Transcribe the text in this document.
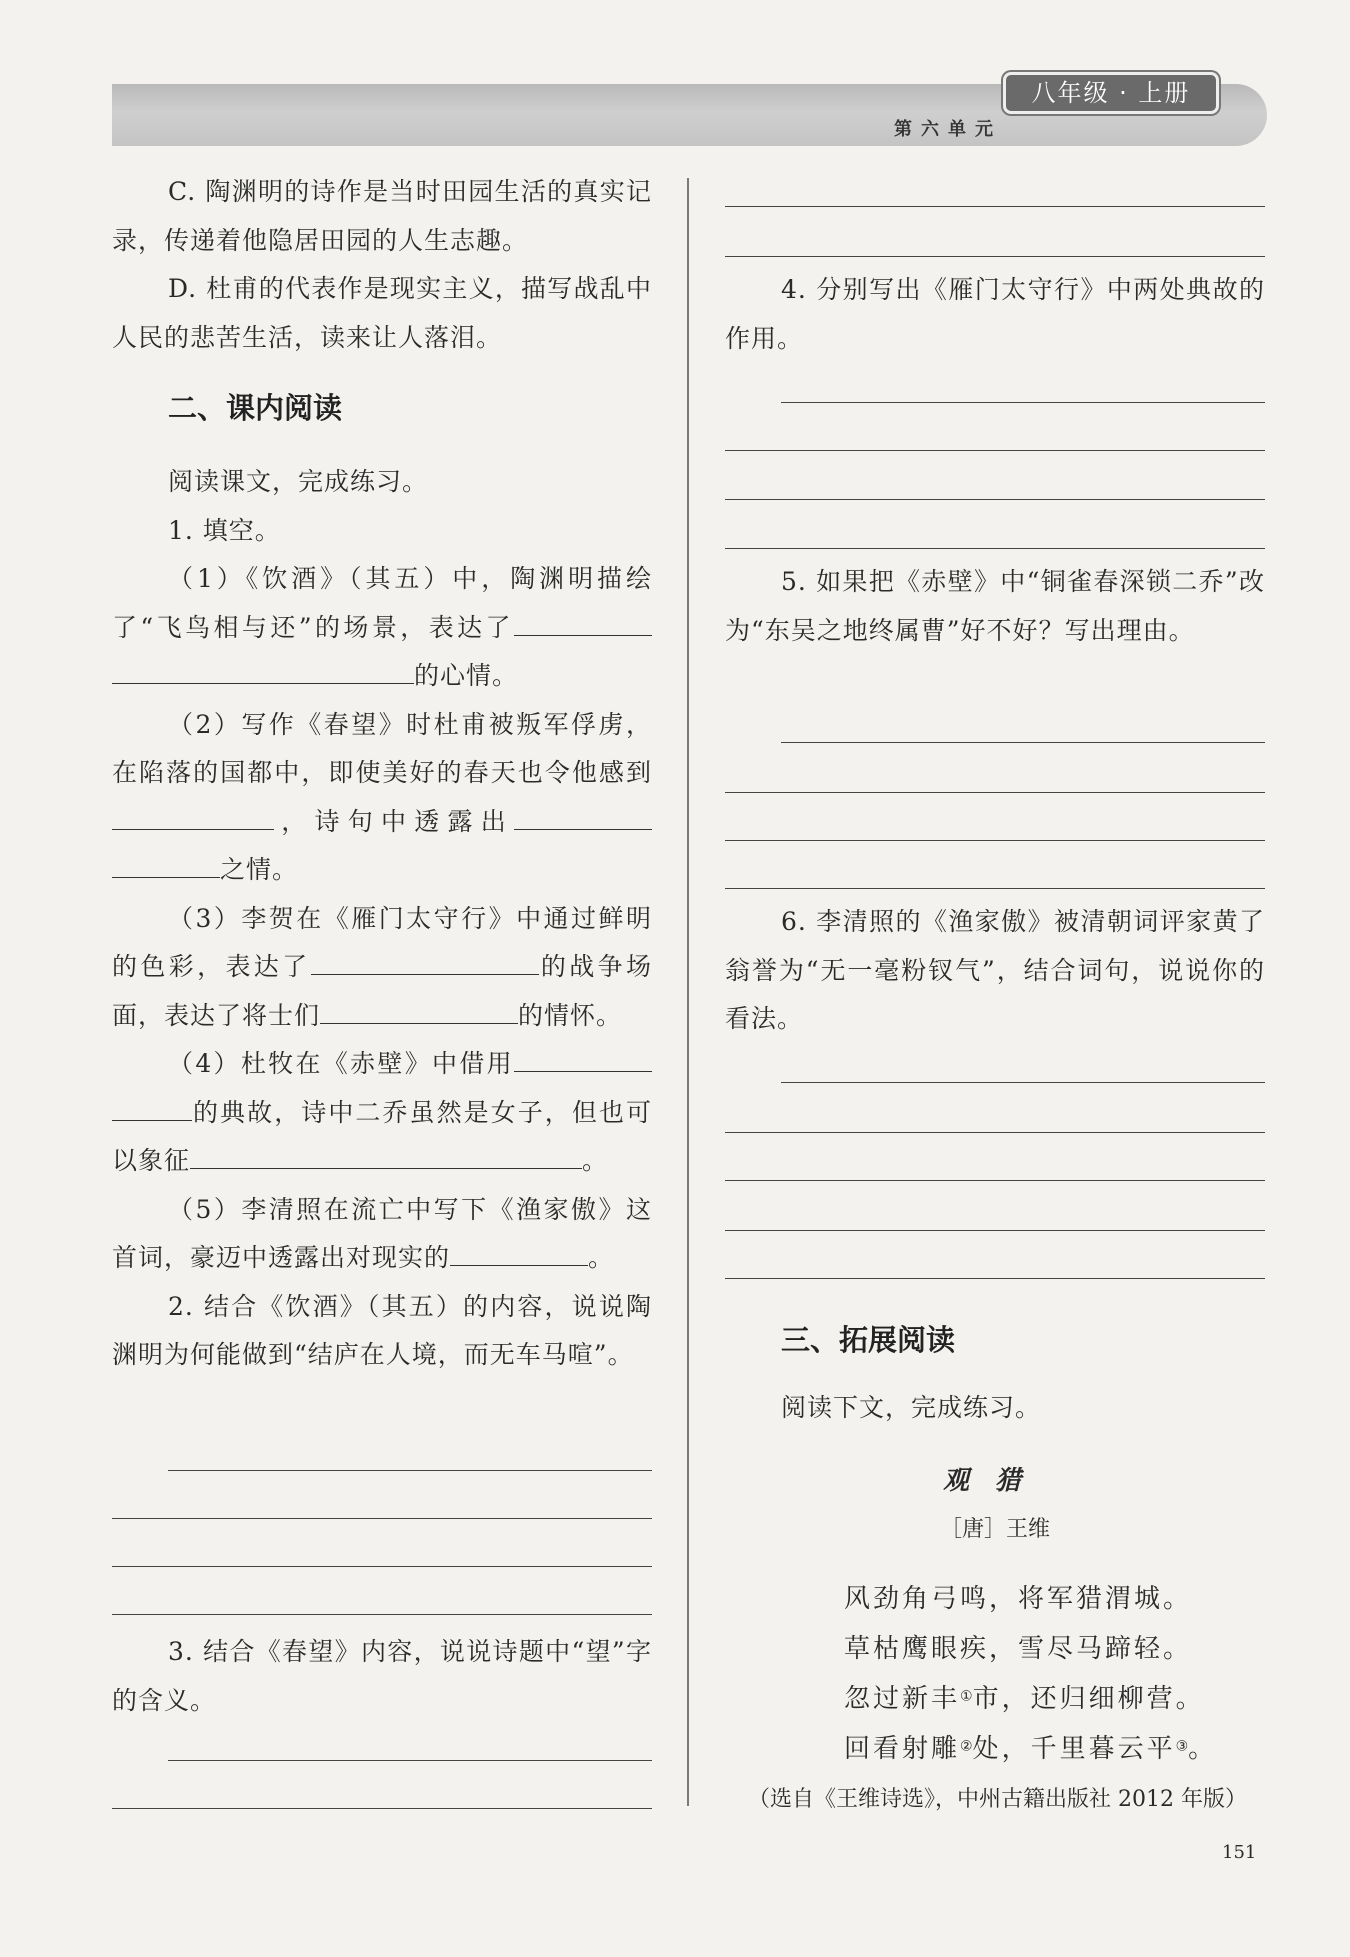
八年级 · 上册
第六单元

C. 陶渊明的诗作是当时田园生活的真实记录，传递着他隐居田园的人生志趣。

D. 杜甫的代表作是现实主义，描写战乱中人民的悲苦生活，读来让人落泪。

二、课内阅读

阅读课文，完成练习。

1. 填空。

（1）《饮酒》（其五）中，陶渊明描绘了“飞鸟相与还”的场景，表达了的心情。

（2）写作《春望》时杜甫被叛军俘虏，在陷落的国都中，即使美好的春天也令他感到，诗句中透露出之情。

（3）李贺在《雁门太守行》中通过鲜明的色彩，表达了	的战争场面，表达了将士们	的情怀。

（4）杜牧在《赤壁》中借用的典故，诗中二乔虽然是女子，但也可以象征	。

（5）李清照在流亡中写下《渔家傲》这首词，豪迈中透露出对现实的	。

2. 结合《饮酒》（其五）的内容，说说陶渊明为何能做到“结庐在人境，而无车马喧”。

3. 结合《春望》内容，说说诗题中“望”字的含义。

4. 分别写出《雁门太守行》中两处典故的作用。

5. 如果把《赤壁》中“铜雀春深锁二乔”改为“东吴之地终属曹”好不好？写出理由。

6. 李清照的《渔家傲》被清朝词评家黄了翁誉为“无一毫粉钗气”，结合词句，说说你的看法。

三、拓展阅读

阅读下文，完成练习。

观猎
［唐］王维
风劲角弓鸣，将军猎渭城。
草枯鹰眼疾，雪尽马蹄轻。
忽过新丰①市，还归细柳营。
回看射雕②处，千里暮云平③。
（选自《王维诗选》，中州古籍出版社 2012 年版）
151
